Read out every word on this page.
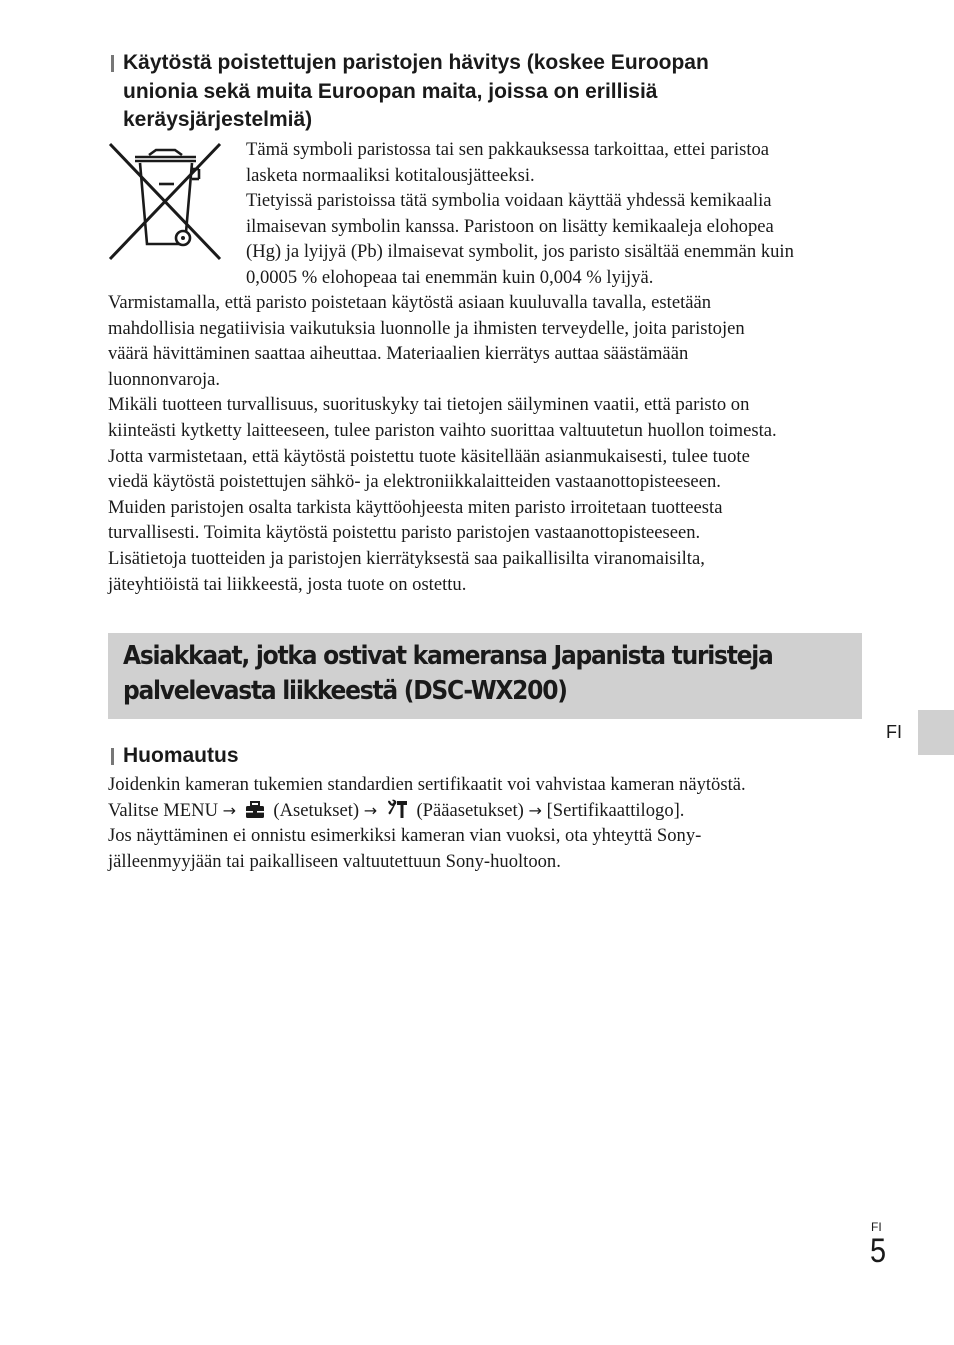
Käytöstä poistettujen paristojen hävitys (koskee Euroopan
unionia sekä muita Euroopan maita, joissa on erillisiä
keräysjärjestelmiä)

Tämä symboli paristossa tai sen pakkauksessa tarkoittaa, ettei paristoa

lasketa normaaliksi kotitalousjätteeksi.

Tietyissä paristoissa tätä symbolia voidaan käyttää yhdessä kemikaalia

ilmaisevan symbolin kanssa. Paristoon on lisätty kemikaaleja elohopea

(Hg) ja lyijyä (Pb) ilmaisevat symbolit, jos paristo sisältää enemmän kuin

0,0005 % elohopeaa tai enemmän kuin 0,004 % lyijyä.

Varmistamalla, että paristo poistetaan käytöstä asiaan kuuluvalla tavalla, estetään

mahdollisia negatiivisia vaikutuksia luonnolle ja ihmisten terveydelle, joita paristojen

väärä hävittäminen saattaa aiheuttaa. Materiaalien kierrätys auttaa säästämään

luonnonvaroja.

Mikäli tuotteen turvallisuus, suorituskyky tai tietojen säilyminen vaatii, että paristo on

kiinteästi kytketty laitteeseen, tulee pariston vaihto suorittaa valtuutetun huollon toimesta.

Jotta varmistetaan, että käytöstä poistettu tuote käsitellään asianmukaisesti, tulee tuote

viedä käytöstä poistettujen sähkö- ja elektroniikkalaitteiden vastaanottopisteeseen.

Muiden paristojen osalta tarkista käyttöohjeesta miten paristo irroitetaan tuotteesta

turvallisesti. Toimita käytöstä poistettu paristo paristojen vastaanottopisteeseen.

Lisätietoja tuotteiden ja paristojen kierrätyksestä saa paikallisilta viranomaisilta,

jäteyhtiöistä tai liikkeestä, josta tuote on ostettu.

Asiakkaat, jotka ostivat kameransa Japanista turisteja
palvelevasta liikkeestä (DSC-WX200)
FI
Huomautus

Joidenkin kameran tukemien standardien sertifikaatit voi vahvistaa kameran näytöstä.

Valitse MENU → (Asetukset) → (Pääasetukset) → [Sertifikaattilogo].

Jos näyttäminen ei onnistu esimerkiksi kameran vian vuoksi, ota yhteyttä Sony-

jälleenmyyjään tai paikalliseen valtuutettuun Sony-huoltoon.

FI
5
